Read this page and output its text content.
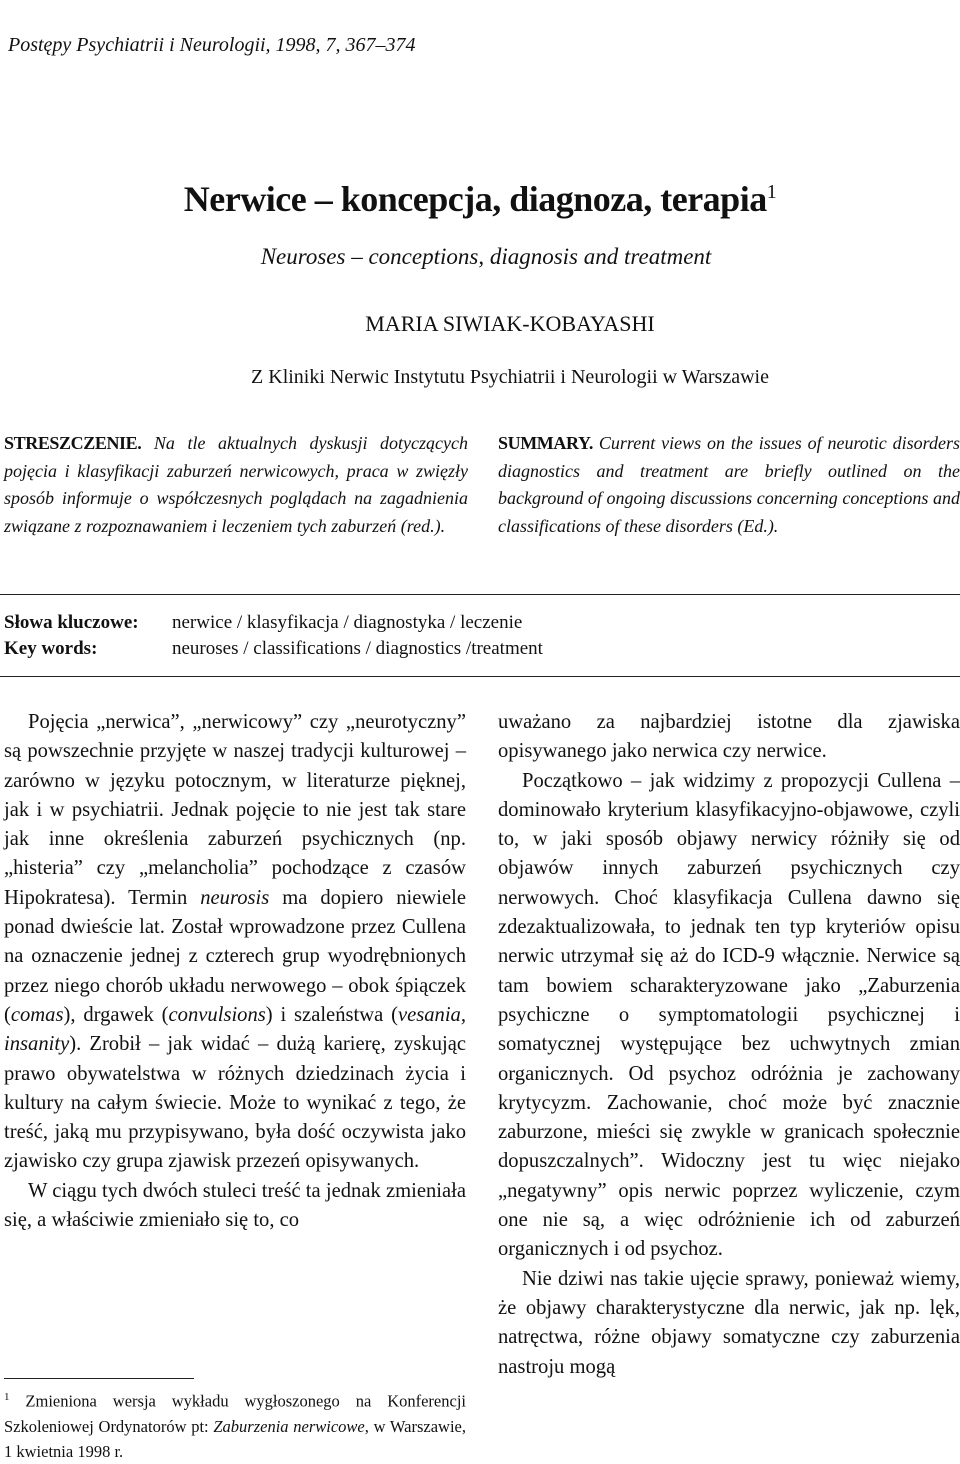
Postępy Psychiatrii i Neurologii, 1998, 7, 367–374
Nerwice – koncepcja, diagnoza, terapia$^1$
Neuroses – conceptions, diagnosis and treatment
MARIA SIWIAK-KOBAYASHI
Z Kliniki Nerwic Instytutu Psychiatrii i Neurologii w Warszawie
STRESZCZENIE. Na tle aktualnych dyskusji dotyczących pojęcia i klasyfikacji zaburzeń nerwicowych, praca w zwięzły sposób informuje o współczesnych poglądach na zagadnienia związane z rozpoznawaniem i leczeniem tych zaburzeń (red.).
SUMMARY. Current views on the issues of neurotic disorders diagnostics and treatment are briefly outlined on the background of ongoing discussions concerning conceptions and classifications of these disorders (Ed.).
Słowa kluczowe: nerwice / klasyfikacja / diagnostyka / leczenie
Key words:	neuroses / classifications / diagnostics /treatment

Pojęcia „nerwica”, „nerwicowy” czy „neurotyczny” są powszechnie przyjęte w naszej tradycji kulturowej – zarówno w języku potocznym, w literaturze pięknej, jak i w psychiatrii. Jednak pojęcie to nie jest tak stare jak inne określenia zaburzeń psychicznych (np. „histeria” czy „melancholia” pochodzące z czasów Hipokratesa). Termin neurosis ma dopiero niewiele ponad dwieście lat. Został wprowadzone przez Cullena na oznaczenie jednej z czterech grup wyodrębnionych przez niego chorób układu nerwowego – obok śpiączek (comas), drgawek (convulsions) i szaleństwa (vesania, insanity). Zrobił – jak widać – dużą karierę, zyskując prawo obywatelstwa w różnych dziedzinach życia i kultury na całym świecie. Może to wynikać z tego, że treść, jaką mu przypisywano, była dość oczywista jako zjawisko czy grupa zjawisk przezeń opisywanych.

W ciągu tych dwóch stuleci treść ta jednak zmieniała się, a właściwie zmieniało się to, co

uważano za najbardziej istotne dla zjawiska opisywanego jako nerwica czy nerwice.

Początkowo – jak widzimy z propozycji Cullena – dominowało kryterium klasyfikacyjno-objawowe, czyli to, w jaki sposób objawy nerwicy różniły się od objawów innych zaburzeń psychicznych czy nerwowych. Choć klasyfikacja Cullena dawno się zdezaktualizowała, to jednak ten typ kryteriów opisu nerwic utrzymał się aż do ICD-9 włącznie. Nerwice są tam bowiem scharakteryzowane jako „Zaburzenia psychiczne o symptomatologii psychicznej i somatycznej występujące bez uchwytnych zmian organicznych. Od psychoz odróżnia je zachowany krytycyzm. Zachowanie, choć może być znacznie zaburzone, mieści się zwykle w granicach społecznie dopuszczalnych”. Widoczny jest tu więc niejako „negatywny” opis nerwic poprzez wyliczenie, czym one nie są, a więc odróżnienie ich od zaburzeń organicznych i od psychoz.

Nie dziwi nas takie ujęcie sprawy, ponieważ wiemy, że objawy charakterystyczne dla nerwic, jak np. lęk, natręctwa, różne objawy somatyczne czy zaburzenia nastroju mogą

$^1$ Zmieniona wersja wykładu wygłoszonego na Konferencji Szkoleniowej Ordynatorów pt: Zaburzenia nerwicowe, w Warszawie, 1 kwietnia 1998 r.
